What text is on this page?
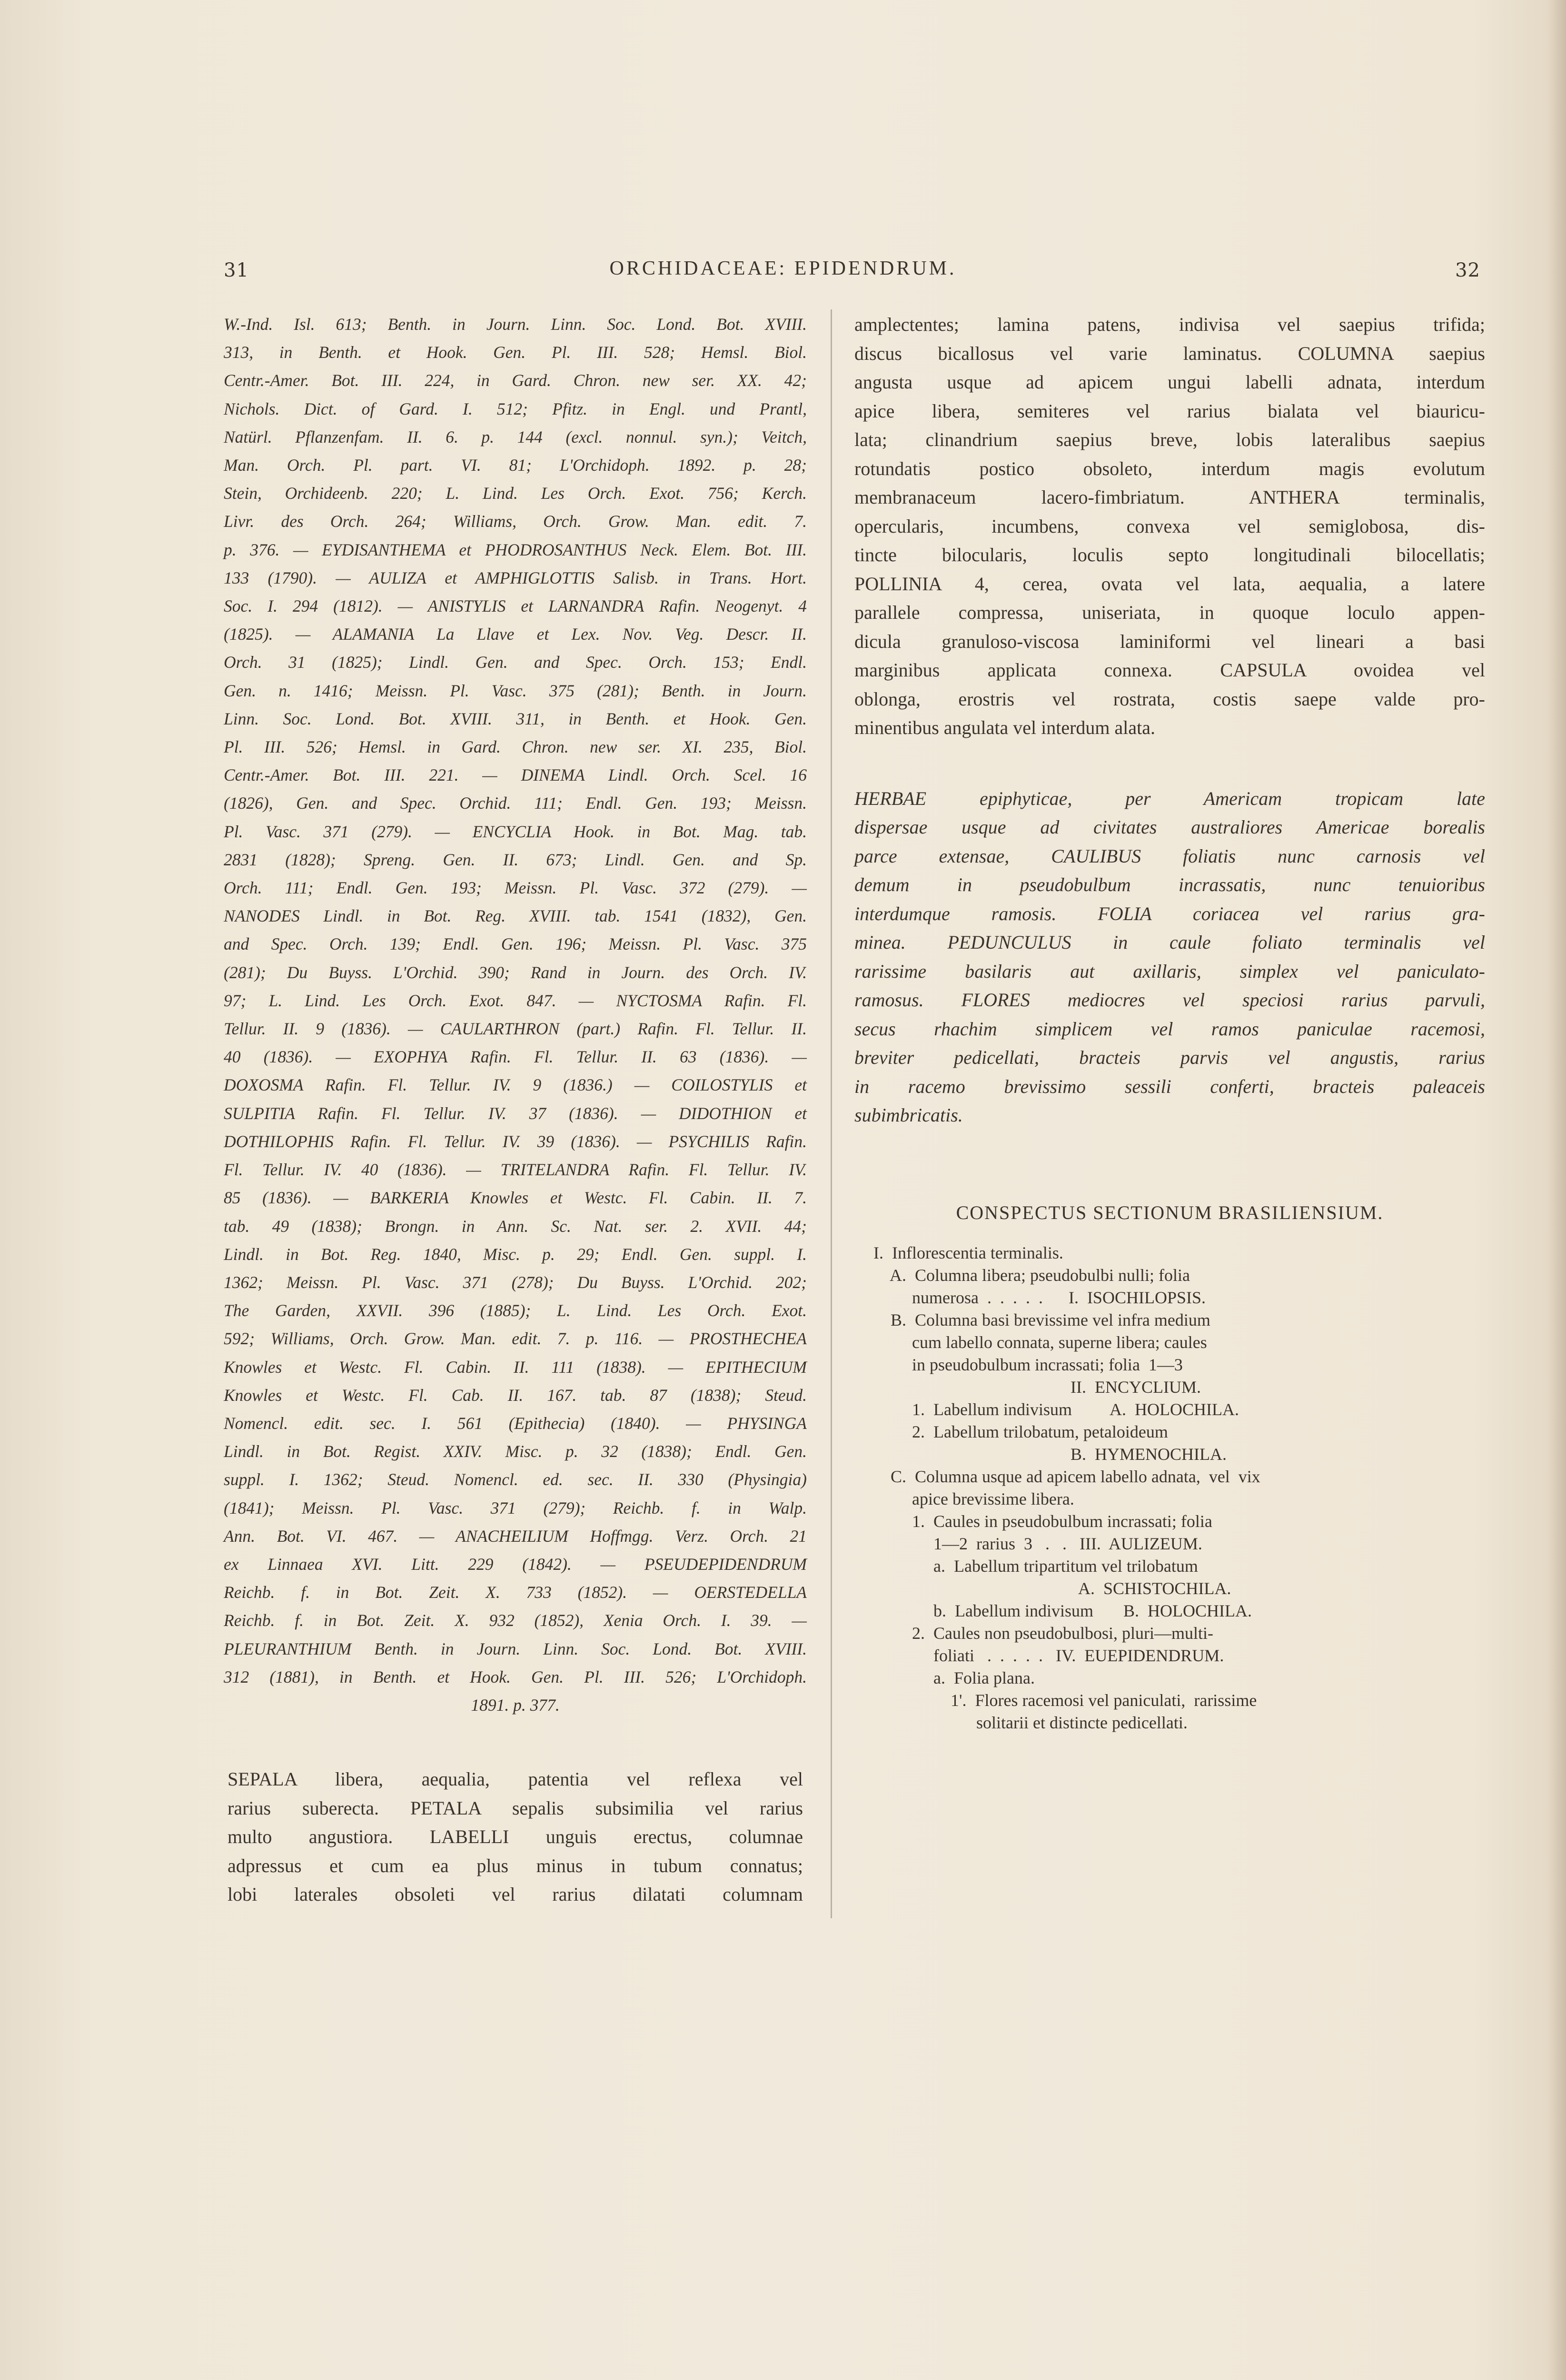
31	ORCHIDACEAE: EPIDENDRUM.	32
W.-Ind. Isl. 613; Benth. in Journ. Linn. Soc. Lond. Bot. XVIII.
313, in Benth. et Hook. Gen. Pl. III. 528; Hemsl. Biol.
Centr.-Amer. Bot. III. 224, in Gard. Chron. new ser. XX. 42;
Nichols. Dict. of Gard. I. 512; Pfitz. in Engl. und Prantl,
Natürl. Pflanzenfam. II. 6. p. 144 (excl. nonnul. syn.); Veitch,
Man. Orch. Pl. part. VI. 81; L'Orchidoph. 1892. p. 28;
Stein, Orchideenb. 220; L. Lind. Les Orch. Exot. 756; Kerch.
Livr. des Orch. 264; Williams, Orch. Grow. Man. edit. 7.
p. 376. — EYDISANTHEMA et PHODROSANTHUS Neck. Elem. Bot. III.
133 (1790). — AULIZA et AMPHIGLOTTIS Salisb. in Trans. Hort.
Soc. I. 294 (1812). — ANISTYLIS et LARNANDRA Rafin. Neogenyt. 4
(1825). — ALAMANIA La Llave et Lex. Nov. Veg. Descr. II.
Orch. 31 (1825); Lindl. Gen. and Spec. Orch. 153; Endl.
Gen. n. 1416; Meissn. Pl. Vasc. 375 (281); Benth. in Journ.
Linn. Soc. Lond. Bot. XVIII. 311, in Benth. et Hook. Gen.
Pl. III. 526; Hemsl. in Gard. Chron. new ser. XI. 235, Biol.
Centr.-Amer. Bot. III. 221. — DINEMA Lindl. Orch. Scel. 16
(1826), Gen. and Spec. Orchid. 111; Endl. Gen. 193; Meissn.
Pl. Vasc. 371 (279). — ENCYCLIA Hook. in Bot. Mag. tab.
2831 (1828); Spreng. Gen. II. 673; Lindl. Gen. and Sp.
Orch. 111; Endl. Gen. 193; Meissn. Pl. Vasc. 372 (279). —
NANODES Lindl. in Bot. Reg. XVIII. tab. 1541 (1832), Gen.
and Spec. Orch. 139; Endl. Gen. 196; Meissn. Pl. Vasc. 375
(281); Du Buyss. L'Orchid. 390; Rand in Journ. des Orch. IV.
97; L. Lind. Les Orch. Exot. 847. — NYCTOSMA Rafin. Fl.
Tellur. II. 9 (1836). — CAULARTHRON (part.) Rafin. Fl. Tellur. II.
40 (1836). — EXOPHYA Rafin. Fl. Tellur. II. 63 (1836). —
DOXOSMA Rafin. Fl. Tellur. IV. 9 (1836.) — COILOSTYLIS et
SULPITIA Rafin. Fl. Tellur. IV. 37 (1836). — DIDOTHION et
DOTHILOPHIS Rafin. Fl. Tellur. IV. 39 (1836). — PSYCHILIS Rafin.
Fl. Tellur. IV. 40 (1836). — TRITELANDRA Rafin. Fl. Tellur. IV.
85 (1836). — BARKERIA Knowles et Westc. Fl. Cabin. II. 7.
tab. 49 (1838); Brongn. in Ann. Sc. Nat. ser. 2. XVII. 44;
Lindl. in Bot. Reg. 1840, Misc. p. 29; Endl. Gen. suppl. I.
1362; Meissn. Pl. Vasc. 371 (278); Du Buyss. L'Orchid. 202;
The Garden, XXVII. 396 (1885); L. Lind. Les Orch. Exot.
592; Williams, Orch. Grow. Man. edit. 7. p. 116. — PROSTHECHEA
Knowles et Westc. Fl. Cabin. II. 111 (1838). — EPITHECIUM
Knowles et Westc. Fl. Cab. II. 167. tab. 87 (1838); Steud.
Nomencl. edit. sec. I. 561 (Epithecia) (1840). — PHYSINGA
Lindl. in Bot. Regist. XXIV. Misc. p. 32 (1838); Endl. Gen.
suppl. I. 1362; Steud. Nomencl. ed. sec. II. 330 (Physingia)
(1841); Meissn. Pl. Vasc. 371 (279); Reichb. f. in Walp.
Ann. Bot. VI. 467. — ANACHEILIUM Hoffmgg. Verz. Orch. 21
ex Linnaea XVI. Litt. 229 (1842). — PSEUDEPIDENDRUM
Reichb. f. in Bot. Zeit. X. 733 (1852). — OERSTEDELLA
Reichb. f. in Bot. Zeit. X. 932 (1852), Xenia Orch. I. 39. —
PLEURANTHIUM Benth. in Journ. Linn. Soc. Lond. Bot. XVIII.
312 (1881), in Benth. et Hook. Gen. Pl. III. 526; L'Orchidoph.
1891. p. 377.
SEPALA libera, aequalia, patentia vel reflexa vel
rarius suberecta. PETALA sepalis subsimilia vel rarius
multo angustiora. LABELLI unguis erectus, columnae
adpressus et cum ea plus minus in tubum connatus;
lobi laterales obsoleti vel rarius dilatati columnam
amplectentes; lamina patens, indivisa vel saepius trifida;
discus bicallosus vel varie laminatus. COLUMNA saepius
angusta usque ad apicem ungui labelli adnata, interdum
apice libera, semiteres vel rarius bialata vel biauricu-
lata; clinandrium saepius breve, lobis lateralibus saepius
rotundatis postico obsoleto, interdum magis evolutum
membranaceum lacero-fimbriatum. ANTHERA terminalis,
opercularis, incumbens, convexa vel semiglobosa, dis-
tincte bilocularis, loculis septo longitudinali bilocellatis;
POLLINIA 4, cerea, ovata vel lata, aequalia, a latere
parallele compressa, uniseriata, in quoque loculo appen-
dicula granuloso-viscosa laminiformi vel lineari a basi
marginibus applicata connexa. CAPSULA ovoidea vel
oblonga, erostris vel rostrata, costis saepe valde pro-
minentibus angulata vel interdum alata.
HERBAE epiphyticae, per Americam tropicam late
dispersae usque ad civitates australiores Americae borealis
parce extensae, CAULIBUS foliatis nunc carnosis vel
demum in pseudobulbum incrassatis, nunc tenuioribus
interdumque ramosis. FOLIA coriacea vel rarius gra-
minea. PEDUNCULUS in caule foliato terminalis vel
rarissime basilaris aut axillaris, simplex vel paniculato-
ramosus. FLORES mediocres vel speciosi rarius parvuli,
secus rhachim simplicem vel ramos paniculae racemosi,
breviter pedicellati, bracteis parvis vel angustis, rarius
in racemo brevissimo sessili conferti, bracteis paleaceis
subimbricatis.
CONSPECTUS SECTIONUM BRASILIENSIUM.
I.  Inflorescentia terminalis.
A.  Columna libera; pseudobulbi nulli; folia
numerosa  .  .  .  .  .      I.  ISOCHILOPSIS.
B.  Columna basi brevissime vel infra medium
cum labello connata, superne libera; caules
in pseudobulbum incrassati; folia  1—3
II.  ENCYCLIUM.
1.  Labellum indivisum         A.  HOLOCHILA.
2.  Labellum trilobatum, petaloideum
B.  HYMENOCHILA.
C.  Columna usque ad apicem labello adnata,  vel  vix
apice brevissime libera.
1.  Caules in pseudobulbum incrassati; folia
1—2  rarius  3   .   .   III.  AULIZEUM.
a.  Labellum tripartitum vel trilobatum
A.  SCHISTOCHILA.
b.  Labellum indivisum       B.  HOLOCHILA.
2.  Caules non pseudobulbosi, pluri—multi-
foliati   .  .  .  .  .   IV.  EUEPIDENDRUM.
a.  Folia plana.
1'.  Flores racemosi vel paniculati,  rarissime
solitarii et distincte pedicellati.
